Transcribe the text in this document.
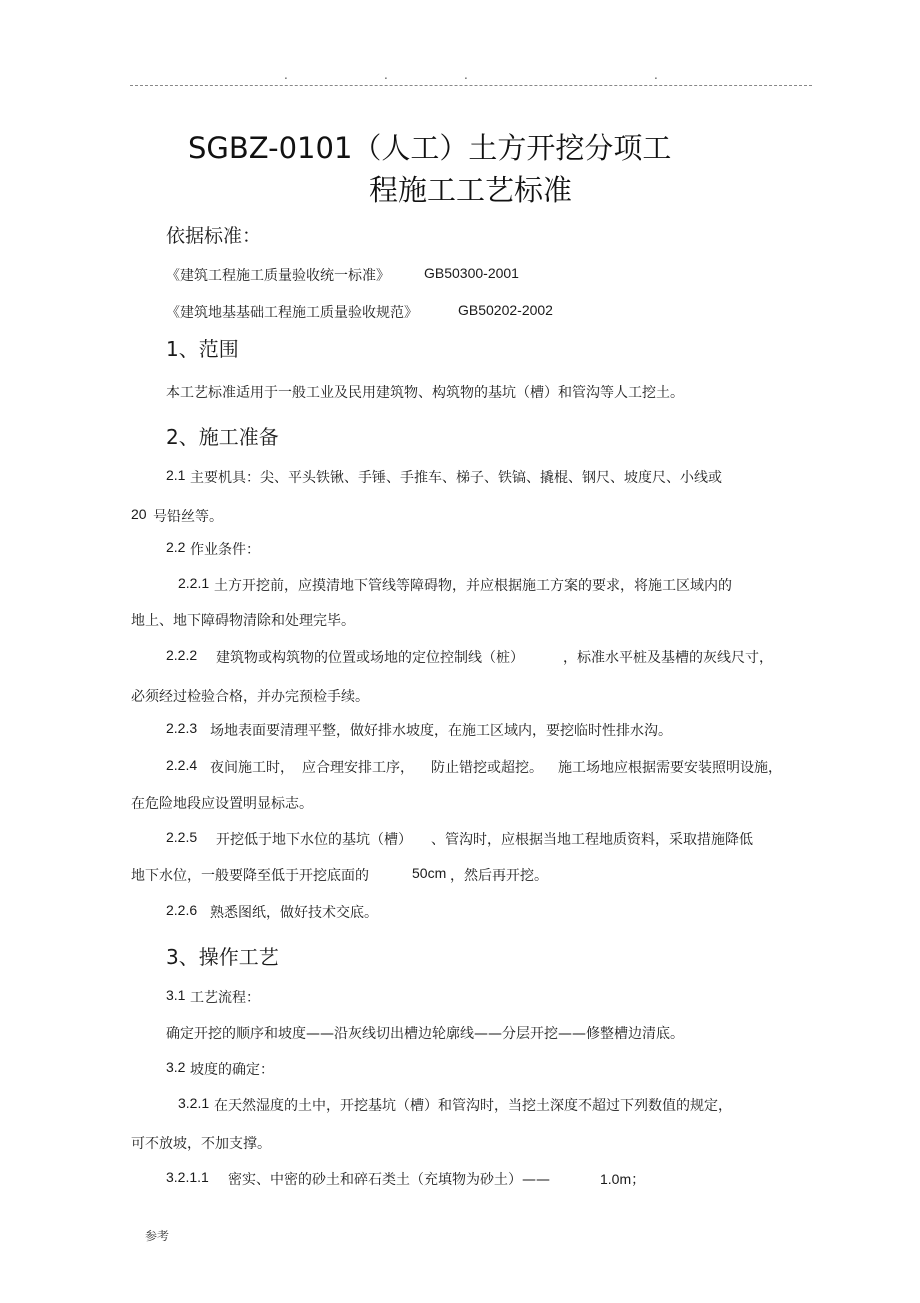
.	.	.	.
SGBZ-0101（人工）土方开挖分项工
程施工工艺标准
依据标准：
《建筑工程施工质量验收统一标准》 GB50300-2001
《建筑地基基础工程施工质量验收规范》	GB50202-2002
1、范围
本工艺标准适用于一般工业及民用建筑物、构筑物的基坑（槽）和管沟等人工挖土。
2、施工准备
2.1 主要机具：尖、平头铁锹、手锤、手推车、梯子、铁镐、撬棍、钢尺、坡度尺、小线或
20 号铅丝等。
2.2 作业条件：
2.2.1 土方开挖前，应摸清地下管线等障碍物，并应根据施工方案的要求，将施工区域内的
地上、地下障碍物清除和处理完毕。
2.2.2 建筑物或构筑物的位置或场地的定位控制线（桩）	，标准水平桩及基槽的灰线尺寸，
必须经过检验合格，并办完预检手续。
2.2.3 场地表面要清理平整，做好排水坡度，在施工区域内，要挖临时性排水沟。
2.2.4 夜间施工时， 应合理安排工序， 防止错挖或超挖。 施工场地应根据需要安装照明设施，
在危险地段应设置明显标志。
2.2.5 开挖低于地下水位的基坑（槽） 、管沟时，应根据当地工程地质资料，采取措施降低
地下水位，一般要降至低于开挖底面的	50cm ，然后再开挖。
2.2.6 熟悉图纸，做好技术交底。
3、操作工艺
3.1 工艺流程：
确定开挖的顺序和坡度——沿灰线切出槽边轮廓线——分层开挖——修整槽边清底。
3.2 坡度的确定：
3.2.1 在天然湿度的土中，开挖基坑（槽）和管沟时，当挖土深度不超过下列数值的规定，
可不放坡，不加支撑。
3.2.1.1 密实、中密的砂土和碎石类土（充填物为砂土）——	1.0m；
参考
